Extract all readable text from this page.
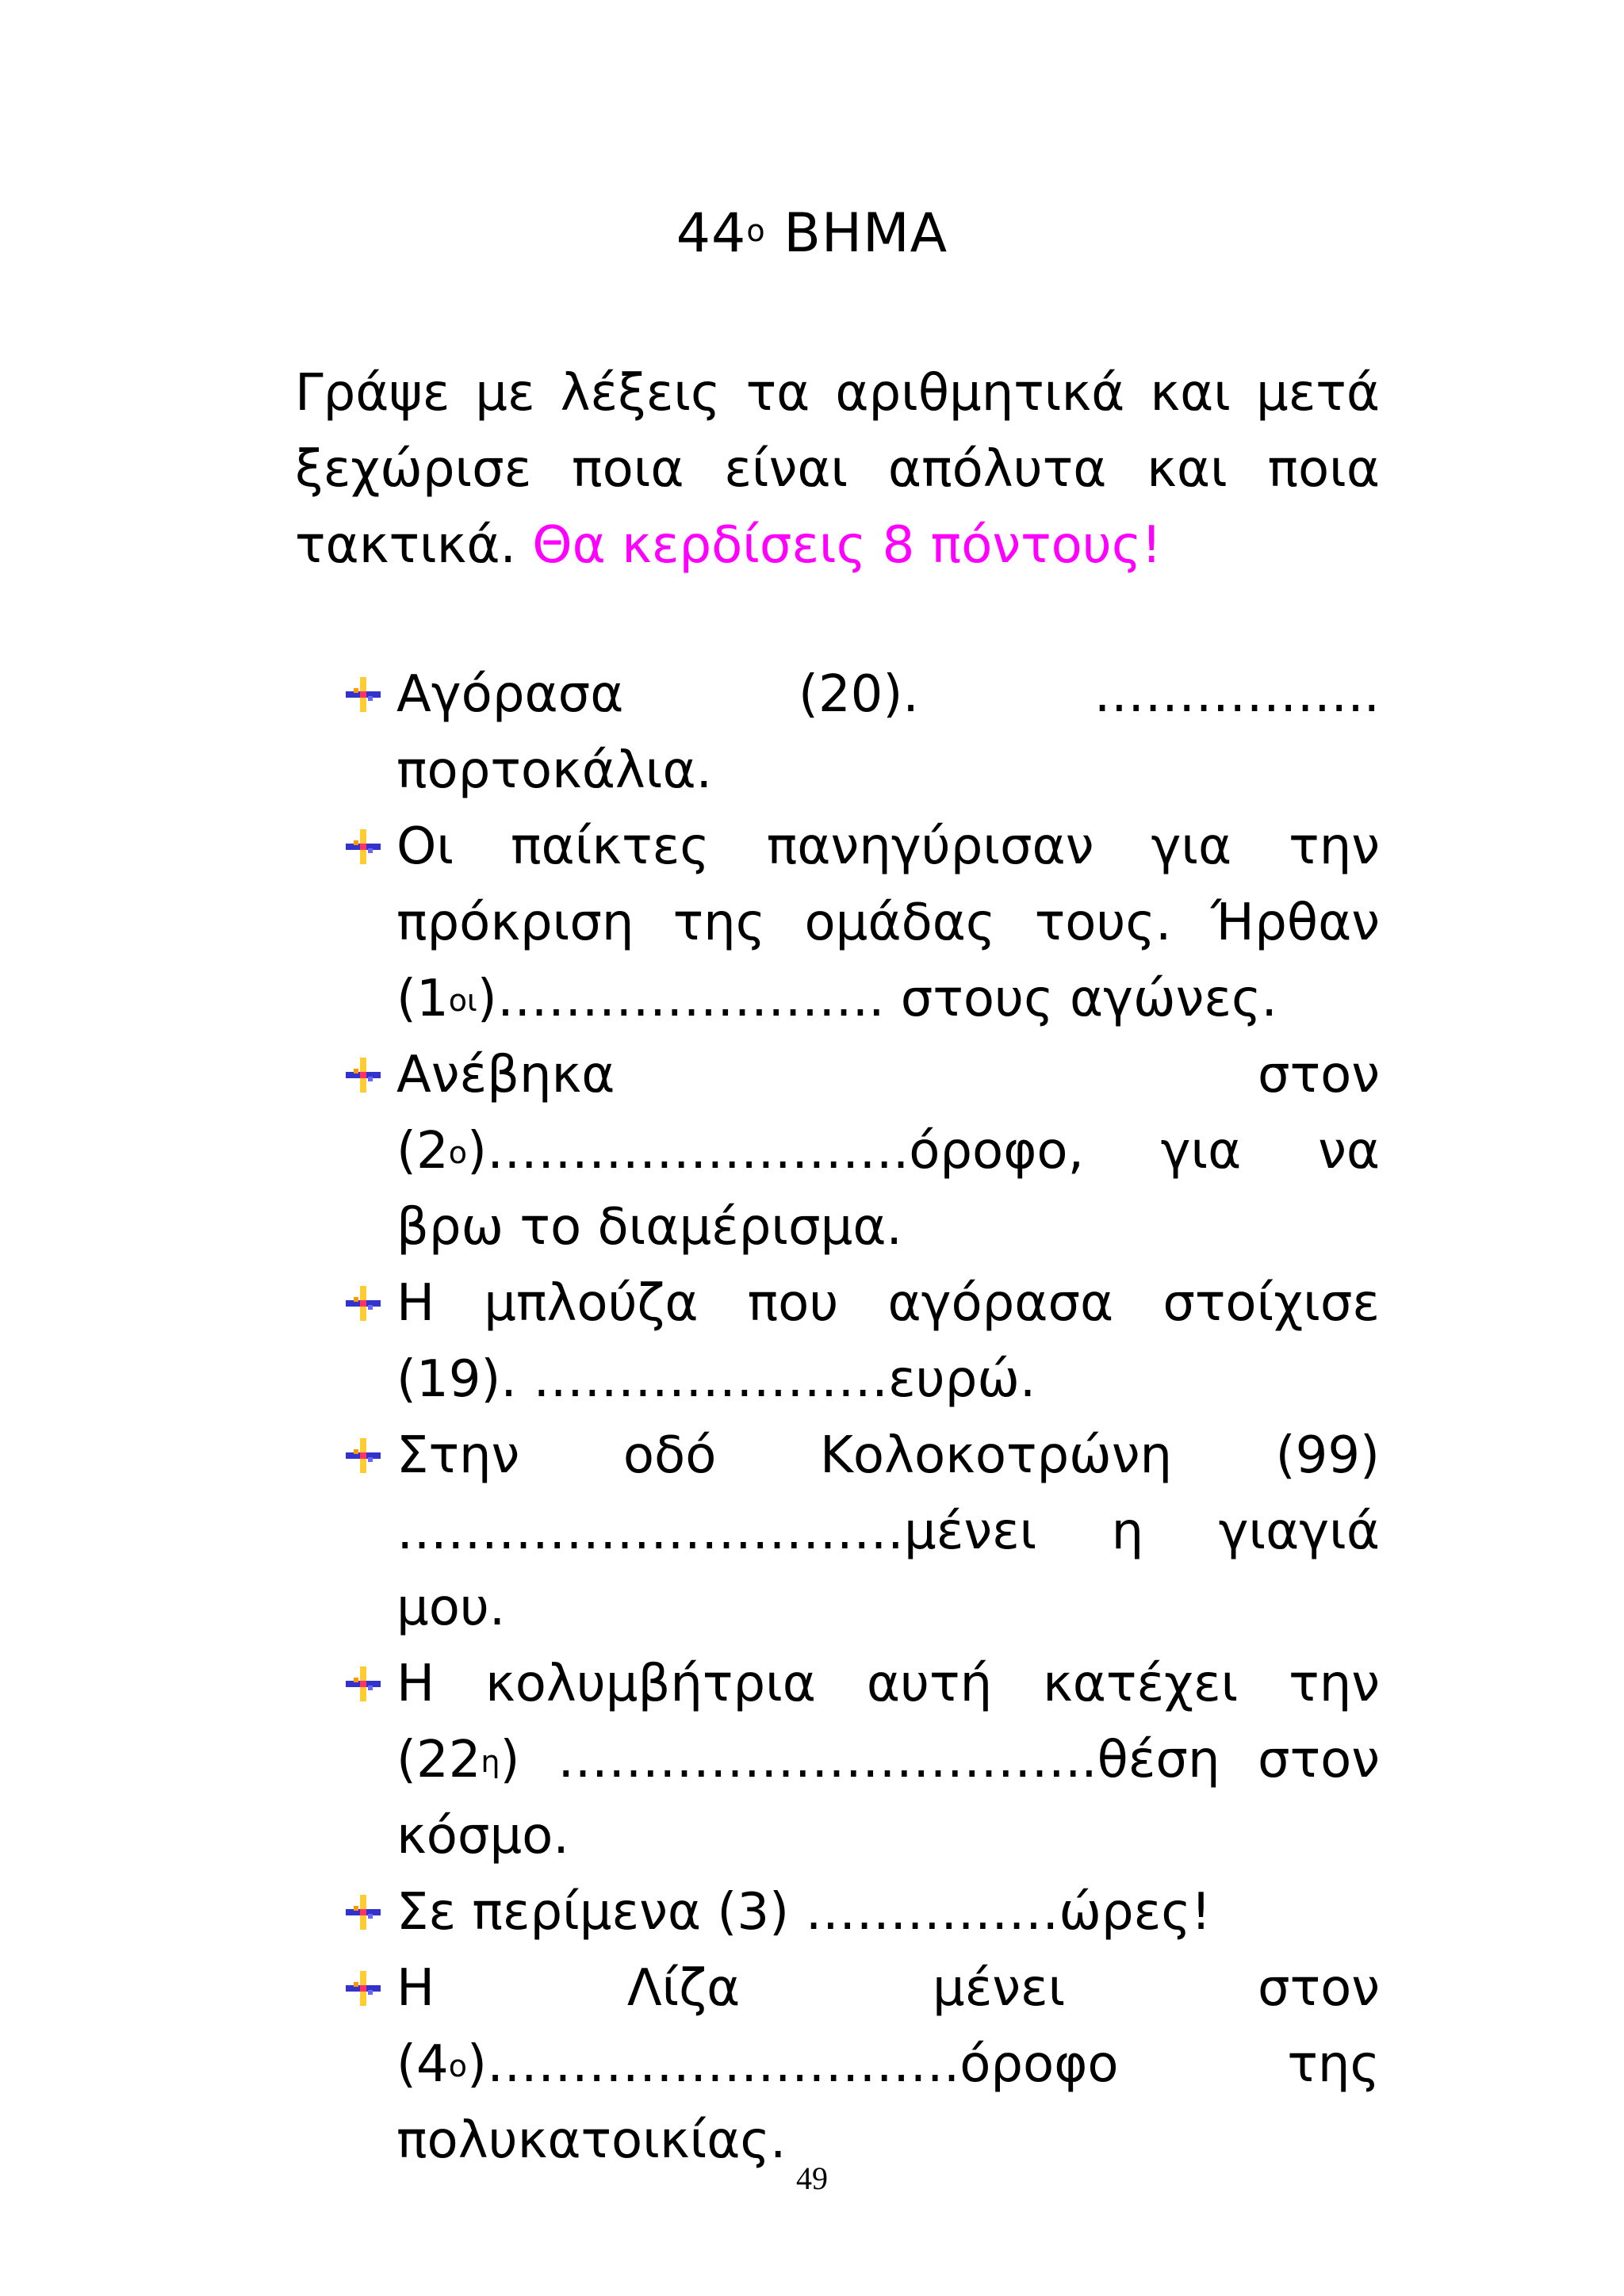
$44^o$ ΒΗΜΑ
Γράψε με λέξεις τα αριθμητικά και μετά ξεχώρισε ποια είναι απόλυτα και ποια τακτικά. Θα κερδίσεις 8 πόντους!
Αγόρασα (20). …………….. πορτοκάλια.
Οι παίκτες πανηγύρισαν για την πρόκριση της ομάδας τους. Ήρθαν $(1^{o\iota})\dots\dots\dots\dots\dots\dots\dots$.. στους αγώνες.
Ανέβηκα στον $(2^o)\dots\dots\dots\dots\dots\dots\dots\dots.ό\rho o\varphi o$, για να βρω το διαμέρισμα.
Η μπλούζα που αγόρασα στοίχισε (19). …………………ευρώ.
Στην οδό Κολοκοτρώνη (99)
…………………………μένει η γιαγιά μου.
Η κολυμβήτρια αυτή κατέχει την $(22^\eta)$ …………………………..θέση στον κόσμο.
Σε περίμενα (3) ……………ώρες!
Η Λίζα μένει στον
$(4^o)\dots\dots\dots\dots\dots\dots\dots\dots\dots.ό\rho o\varphi o$ της
πολυκατοικίας.
49
